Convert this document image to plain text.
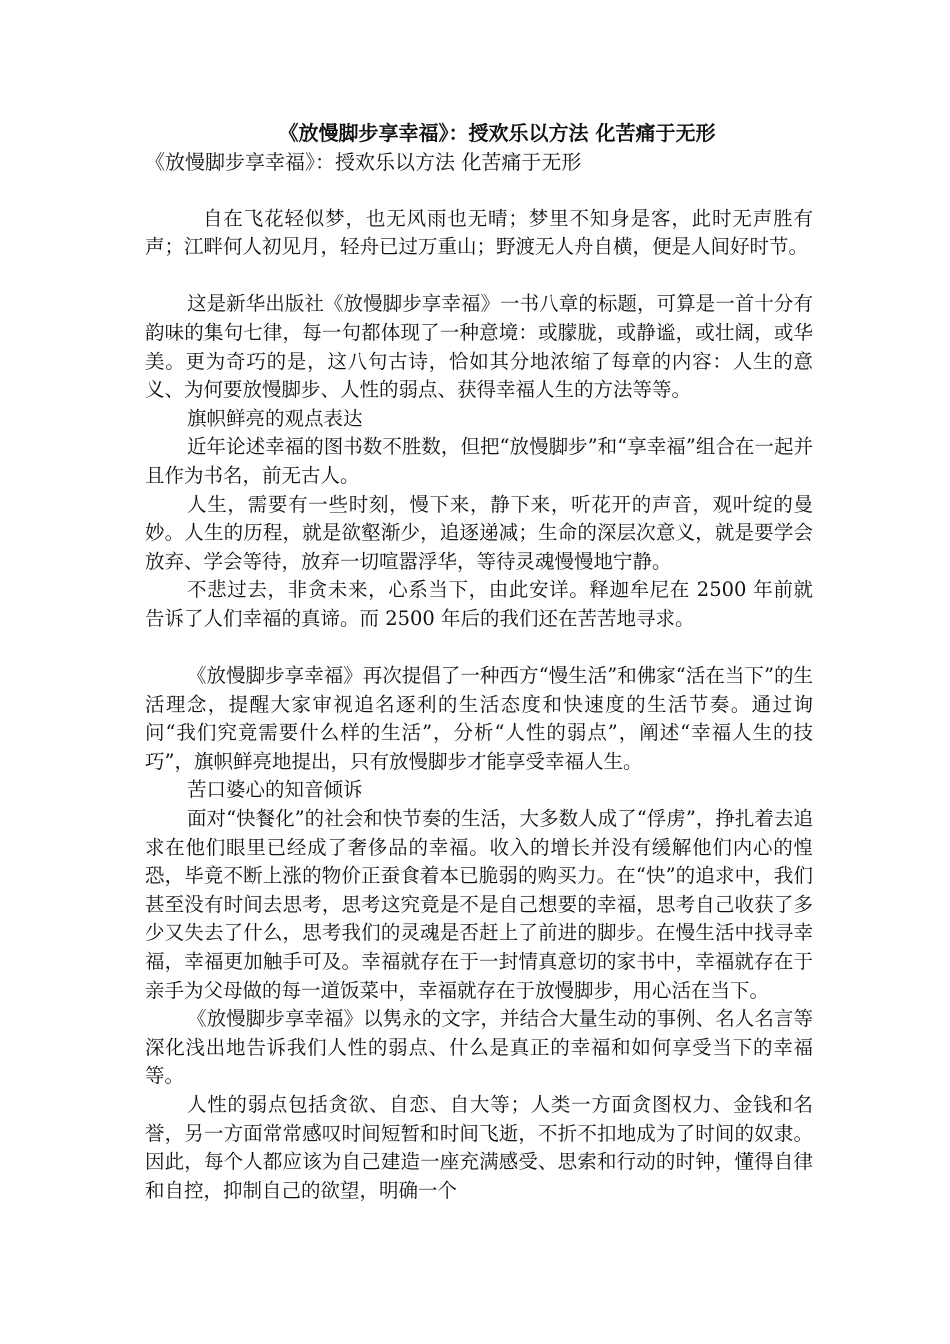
《放慢脚步享幸福》：授欢乐以方法 化苦痛于无形

《放慢脚步享幸福》：授欢乐以方法 化苦痛于无形

自在飞花轻似梦，也无风雨也无晴；梦里不知身是客，此时无声胜有声；江畔何人初见月，轻舟已过万重山；野渡无人舟自横，便是人间好时节。

这是新华出版社《放慢脚步享幸福》一书八章的标题，可算是一首十分有韵味的集句七律，每一句都体现了一种意境：或朦胧，或静谧，或壮阔，或华美。更为奇巧的是，这八句古诗，恰如其分地浓缩了每章的内容：人生的意义、为何要放慢脚步、人性的弱点、获得幸福人生的方法等等。

旗帜鲜亮的观点表达

近年论述幸福的图书数不胜数，但把“放慢脚步”和“享幸福”组合在一起并且作为书名，前无古人。

人生，需要有一些时刻，慢下来，静下来，听花开的声音，观叶绽的曼妙。人生的历程，就是欲壑渐少，追逐递减；生命的深层次意义，就是要学会放弃、学会等待，放弃一切喧嚣浮华，等待灵魂慢慢地宁静。

不悲过去，非贪未来，心系当下，由此安详。释迦牟尼在 2500 年前就告诉了人们幸福的真谛。而 2500 年后的我们还在苦苦地寻求。

《放慢脚步享幸福》再次提倡了一种西方“慢生活”和佛家“活在当下”的生活理念，提醒大家审视追名逐利的生活态度和快速度的生活节奏。通过询问“我们究竟需要什么样的生活”，分析“人性的弱点”，阐述“幸福人生的技巧”，旗帜鲜亮地提出，只有放慢脚步才能享受幸福人生。

苦口婆心的知音倾诉

面对“快餐化”的社会和快节奏的生活，大多数人成了“俘虏”，挣扎着去追求在他们眼里已经成了奢侈品的幸福。收入的增长并没有缓解他们内心的惶恐，毕竟不断上涨的物价正蚕食着本已脆弱的购买力。在“快”的追求中，我们甚至没有时间去思考，思考这究竟是不是自己想要的幸福，思考自己收获了多少又失去了什么，思考我们的灵魂是否赶上了前进的脚步。在慢生活中找寻幸福，幸福更加触手可及。幸福就存在于一封情真意切的家书中，幸福就存在于亲手为父母做的每一道饭菜中，幸福就存在于放慢脚步，用心活在当下。

《放慢脚步享幸福》以隽永的文字，并结合大量生动的事例、名人名言等深化浅出地告诉我们人性的弱点、什么是真正的幸福和如何享受当下的幸福等。

人性的弱点包括贪欲、自恋、自大等；人类一方面贪图权力、金钱和名誉，另一方面常常感叹时间短暂和时间飞逝，不折不扣地成为了时间的奴隶。因此，每个人都应该为自己建造一座充满感受、思索和行动的时钟，懂得自律和自控，抑制自己的欲望，明确一个
